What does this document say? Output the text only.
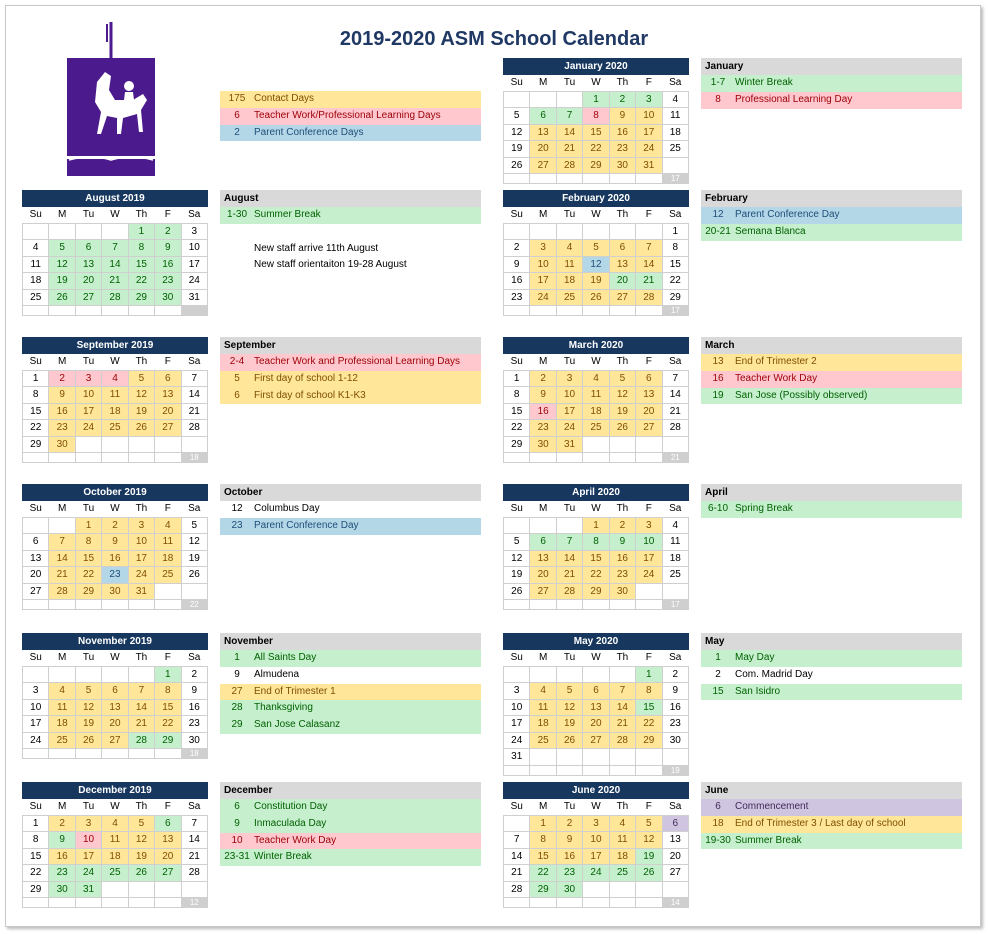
2019-2020 ASM School Calendar
175 Contact Days
6	Teacher Work/Professional Learning Days
2	Parent Conference Days
August 2019
Su	M	Tu	W	Th	F	Sa
				1	2	3
4	5	6	7	8	9	10
11	12	13	14	15	16	17
18	19	20	21	22	23	24
25	26	27	28	29	30	31

September 2019
Su	M	Tu	W	Th	F	Sa
1	2	3	4	5	6	7
8	9	10	11	12	13	14
15	16	17	18	19	20	21
22	23	24	25	26	27	28
29	30					
						18
October 2019
Su	M	Tu	W	Th	F	Sa
		1	2	3	4	5
6	7	8	9	10	11	12
13	14	15	16	17	18	19
20	21	22	23	24	25	26
27	28	29	30	31		
						22
November 2019
Su	M	Tu	W	Th	F	Sa
					1	2
3	4	5	6	7	8	9
10	11	12	13	14	15	16
17	18	19	20	21	22	23
24	25	26	27	28	29	30
						18
December 2019
Su	M	Tu	W	Th	F	Sa
1	2	3	4	5	6	7
8	9	10	11	12	13	14
15	16	17	18	19	20	21
22	23	24	25	26	27	28
29	30	31				
						12
January 2020
Su	M	Tu	W	Th	F	Sa
			1	2	3	4
5	6	7	8	9	10	11
12	13	14	15	16	17	18
19	20	21	22	23	24	25
26	27	28	29	30	31	
						17
February 2020
Su	M	Tu	W	Th	F	Sa
						1
2	3	4	5	6	7	8
9	10	11	12	13	14	15
16	17	18	19	20	21	22
23	24	25	26	27	28	29
						17
March 2020
Su	M	Tu	W	Th	F	Sa
1	2	3	4	5	6	7
8	9	10	11	12	13	14
15	16	17	18	19	20	21
22	23	24	25	26	27	28
29	30	31				
						21
April 2020
Su	M	Tu	W	Th	F	Sa
			1	2	3	4
5	6	7	8	9	10	11
12	13	14	15	16	17	18
19	20	21	22	23	24	25
26	27	28	29	30		
						17
May 2020
Su	M	Tu	W	Th	F	Sa
					1	2
3	4	5	6	7	8	9
10	11	12	13	14	15	16
17	18	19	20	21	22	23
24	25	26	27	28	29	30
31						
						19
June 2020
Su	M	Tu	W	Th	F	Sa
	1	2	3	4	5	6
7	8	9	10	11	12	13
14	15	16	17	18	19	20
21	22	23	24	25	26	27
28	29	30				
						14
August
1-30 Summer Break
New staff arrive 11th August
New staff orientaiton 19-28 August
September
2-4 Teacher Work and Professional Learning Days
5	First day of school 1-12
6	First day of school K1-K3
October
12	Columbus Day
23	Parent Conference Day
November
1	All Saints Day
9	Almudena
27	End of Trimester 1
28	Thanksgiving
29	San Jose Calasanz
December
6	Constitution Day
9	Inmaculada Day
10	Teacher Work Day
23-31 Winter Break
January
1-7 Winter Break
8	Professional Learning Day
February
12	Parent Conference Day
20-21 Semana Blanca
March
13	End of Trimester 2
16	Teacher Work Day
19	San Jose (Possibly observed)
April
6-10 Spring Break
May
1	May Day
2	Com. Madrid Day
15	San Isidro
June
6	Commencement
18	End of Trimester 3 / Last day of school
19-30 Summer Break
